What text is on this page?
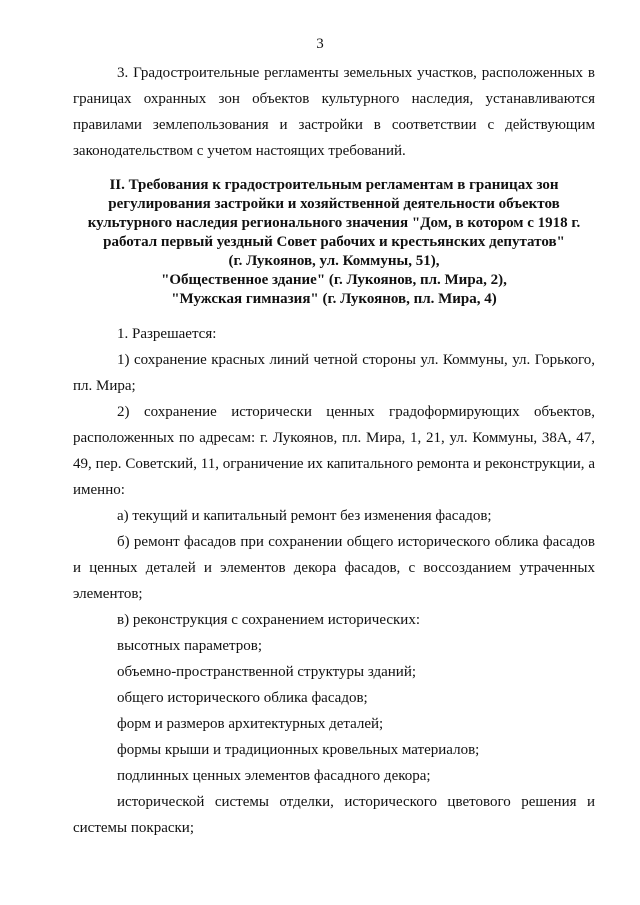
3

3. Градостроительные регламенты земельных участков, расположенных в границах охранных зон объектов культурного наследия, устанавливаются правилами землепользования и застройки в соответствии с действующим законодательством с учетом настоящих требований.

II. Требования к градостроительным регламентам в границах зон
регулирования застройки и хозяйственной деятельности объектов
культурного наследия регионального значения "Дом, в котором с 1918 г.
работал первый уездный Совет рабочих и крестьянских депутатов"
(г. Лукоянов, ул. Коммуны, 51),
"Общественное здание" (г. Лукоянов, пл. Мира, 2),
"Мужская гимназия" (г. Лукоянов, пл. Мира, 4)

1. Разрешается:

1) сохранение красных линий четной стороны ул. Коммуны, ул. Горького, пл. Мира;

2) сохранение исторически ценных градоформирующих объектов, расположенных по адресам: г. Лукоянов, пл. Мира, 1, 21, ул. Коммуны, 38А, 47, 49, пер. Советский, 11, ограничение их капитального ремонта и реконструкции, а именно:

а) текущий и капитальный ремонт без изменения фасадов;

б) ремонт фасадов при сохранении общего исторического облика фасадов и ценных деталей и элементов декора фасадов, с воссозданием утраченных элементов;

в) реконструкция с сохранением исторических:

высотных параметров;

объемно-пространственной структуры зданий;

общего исторического облика фасадов;

форм и размеров архитектурных деталей;

формы крыши и традиционных кровельных материалов;

подлинных ценных элементов фасадного декора;

исторической системы отделки, исторического цветового решения и системы покраски;
